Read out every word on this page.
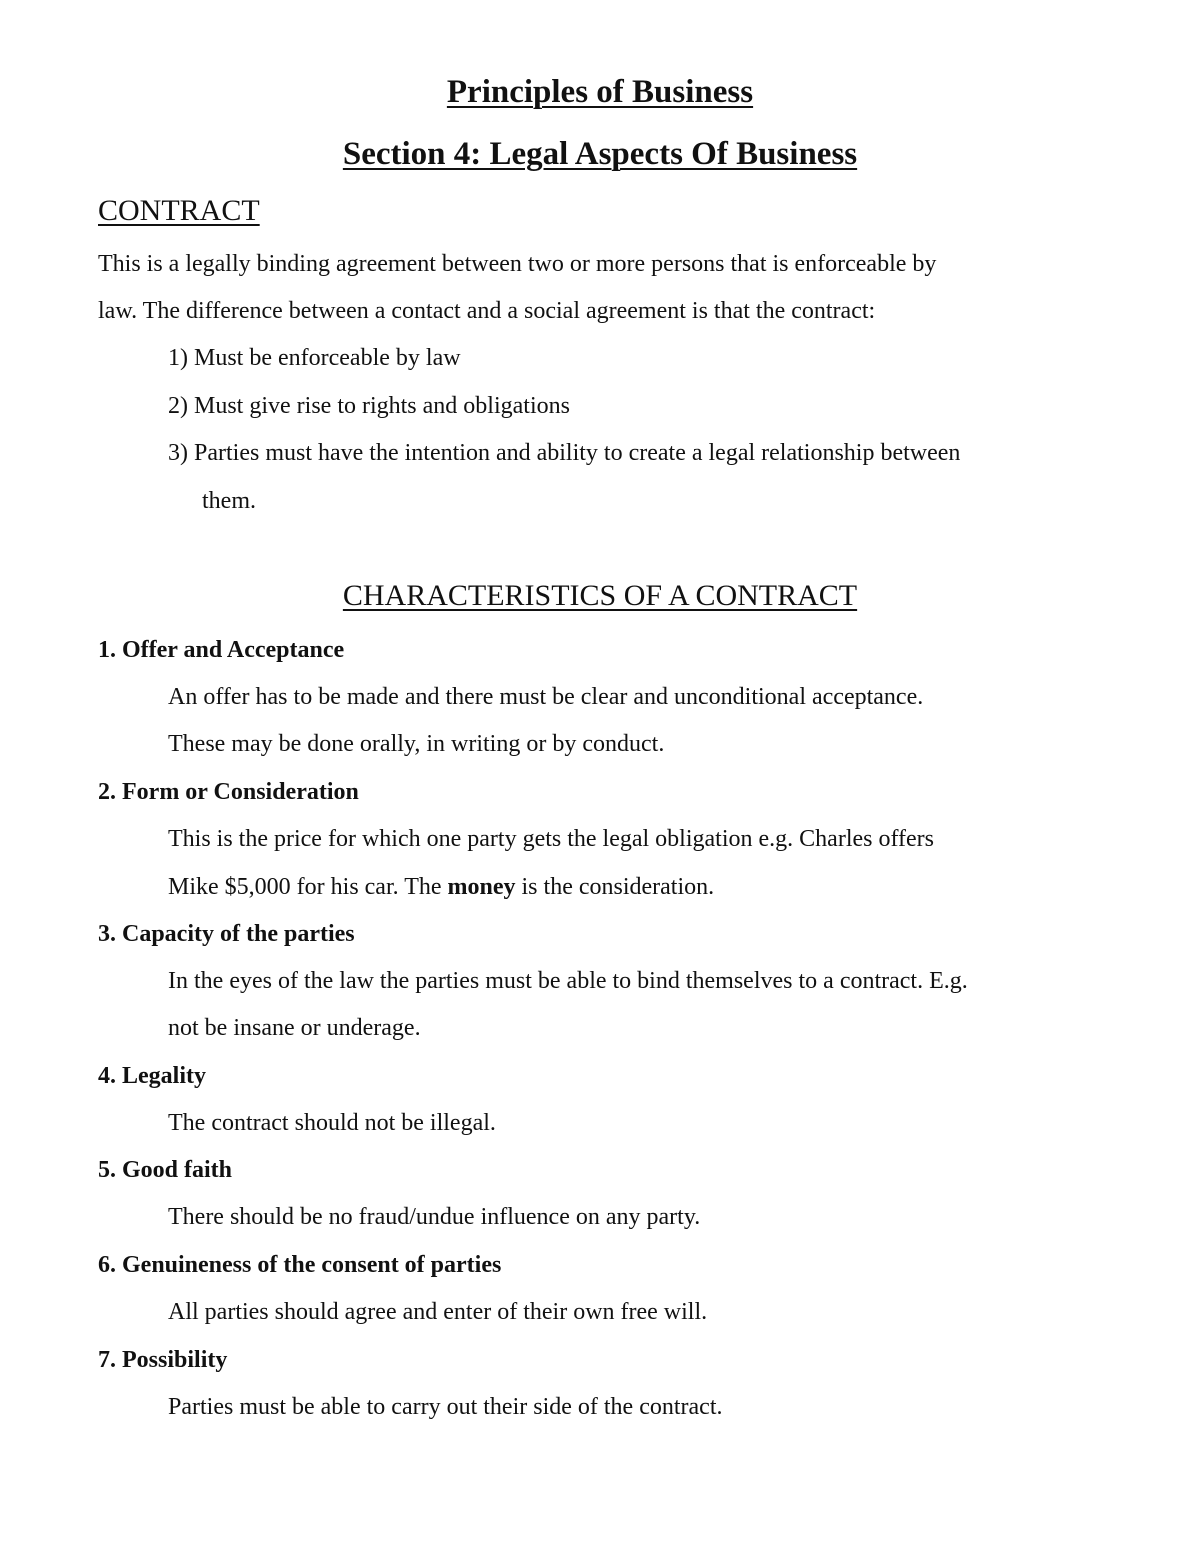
Principles of Business
Section 4: Legal Aspects Of Business
CONTRACT
This is a legally binding agreement between two or more persons that is enforceable by
law. The difference between a contact and a social agreement is that the contract:
1) Must be enforceable by law
2) Must give rise to rights and obligations
3) Parties must have the intention and ability to create a legal relationship between
them.
CHARACTERISTICS OF A CONTRACT
1. Offer and Acceptance
An offer has to be made and there must be clear and unconditional acceptance.
These may be done orally, in writing or by conduct.
2. Form or Consideration
This is the price for which one party gets the legal obligation e.g. Charles offers
Mike $5,000 for his car. The money is the consideration.
3. Capacity of the parties
In the eyes of the law the parties must be able to bind themselves to a contract. E.g.
not be insane or underage.
4. Legality
The contract should not be illegal.
5. Good faith
There should be no fraud/undue influence on any party.
6. Genuineness of the consent of parties
All parties should agree and enter of their own free will.
7. Possibility
Parties must be able to carry out their side of the contract.
